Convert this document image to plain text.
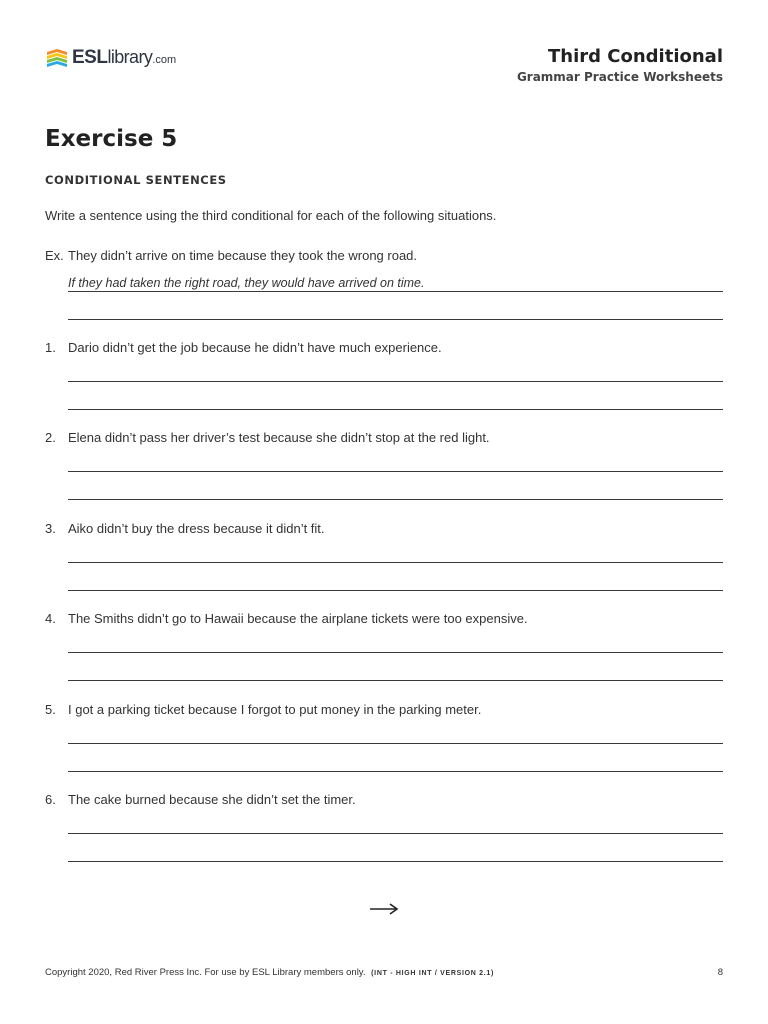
ESL library .com	Third Conditional
Grammar Practice Worksheets
Exercise 5
CONDITIONAL SENTENCES
Write a sentence using the third conditional for each of the following situations.
Ex. They didn’t arrive on time because they took the wrong road.
If they had taken the right road, they would have arrived on time.
1. Dario didn’t get the job because he didn’t have much experience.
2. Elena didn’t pass her driver’s test because she didn’t stop at the red light.
3. Aiko didn’t buy the dress because it didn’t fit.
4. The Smiths didn’t go to Hawaii because the airplane tickets were too expensive.
5. I got a parking ticket because I forgot to put money in the parking meter.
6. The cake burned because she didn’t set the timer.
Copyright 2020, Red River Press Inc. For use by ESL Library members only. (INT - HIGH INT / VERSION 2.1)	8
